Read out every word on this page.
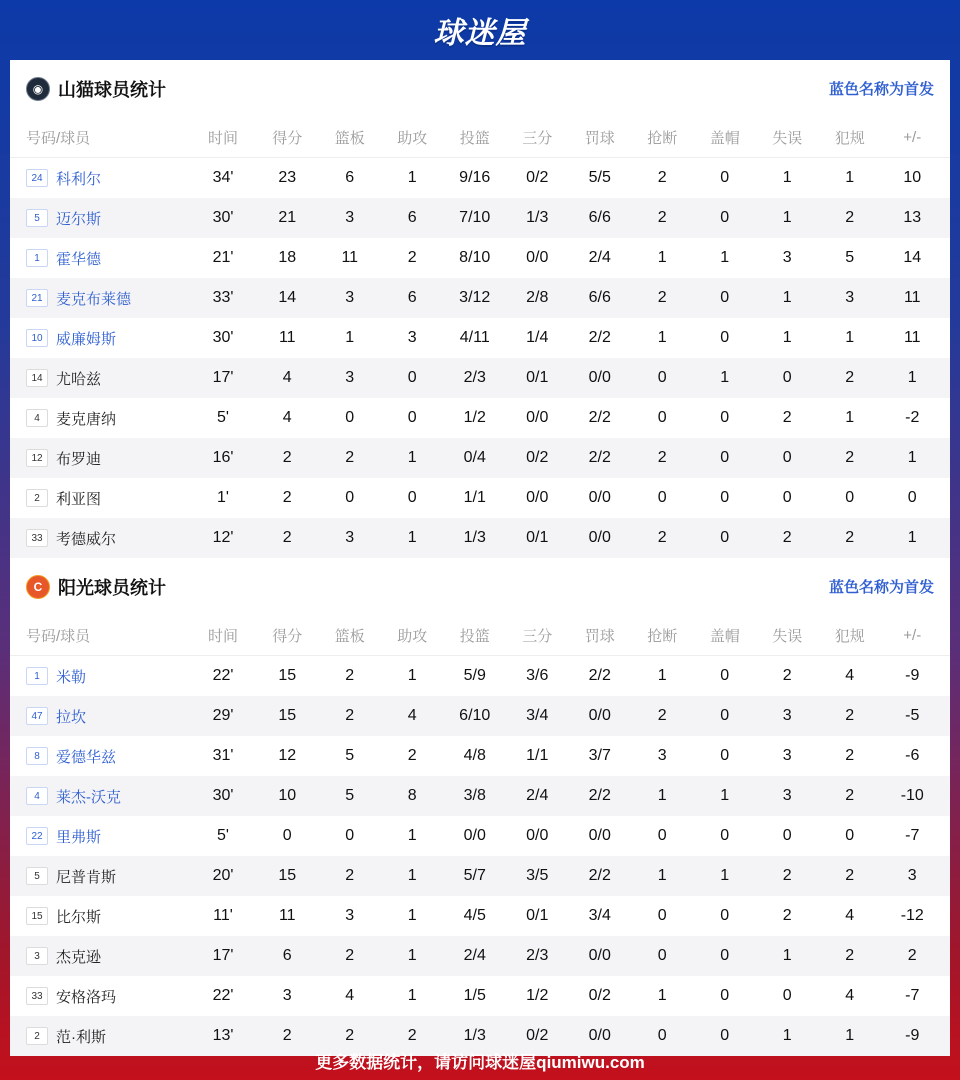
球迷屋
◉ 山猫球员统计	蓝色名称为首发
号码/球员	时间	得分	篮板	助攻	投篮	三分	罚球	抢断	盖帽	失误	犯规	+/-
24 科利尔	34'	23	6	1	9/16	0/2	5/5	2	0	1	1	10
5	迈尔斯	30'	21	3	6	7/10	1/3	6/6	2	0	1	2	13
1	霍华德	21'	18	11	2	8/10	0/0	2/4	1	1	3	5	14
21 麦克布莱德	33'	14	3	6	3/12	2/8	6/6	2	0	1	3	11
10 威廉姆斯	30'	11	1	3	4/11	1/4	2/2	1	0	1	1	11
14 尤哈兹	17'	4	3	0	2/3	0/1	0/0	0	1	0	2	1
4	麦克唐纳	5'	4	0	0	1/2	0/0	2/2	0	0	2	1	-2
12 布罗迪	16'	2	2	1	0/4	0/2	2/2	2	0	0	2	1
2	利亚图	1'	2	0	0	1/1	0/0	0/0	0	0	0	0	0
33 考德威尔	12'	2	3	1	1/3	0/1	0/0	2	0	2	2	1
C 阳光球员统计	蓝色名称为首发
号码/球员	时间	得分	篮板	助攻	投篮	三分	罚球	抢断	盖帽	失误	犯规	+/-
1	米勒	22'	15	2	1	5/9	3/6	2/2	1	0	2	4	-9
47 拉坎	29'	15	2	4	6/10	3/4	0/0	2	0	3	2	-5
8	爱德华兹	31'	12	5	2	4/8	1/1	3/7	3	0	3	2	-6
4	莱杰-沃克	30'	10	5	8	3/8	2/4	2/2	1	1	3	2	-10
22 里弗斯	5'	0	0	1	0/0	0/0	0/0	0	0	0	0	-7
5	尼普肯斯	20'	15	2	1	5/7	3/5	2/2	1	1	2	2	3
15 比尔斯	11'	11	3	1	4/5	0/1	3/4	0	0	2	4	-12
3	杰克逊	17'	6	2	1	2/4	2/3	0/0	0	0	1	2	2
33 安格洛玛	22'	3	4	1	1/5	1/2	0/2	1	0	0	4	-7
2	范·利斯	13'	2	2	2	1/3	0/2	0/0	0	0	1	1	-9
更多数据统计，请访问球迷屋qiumiwu.com
